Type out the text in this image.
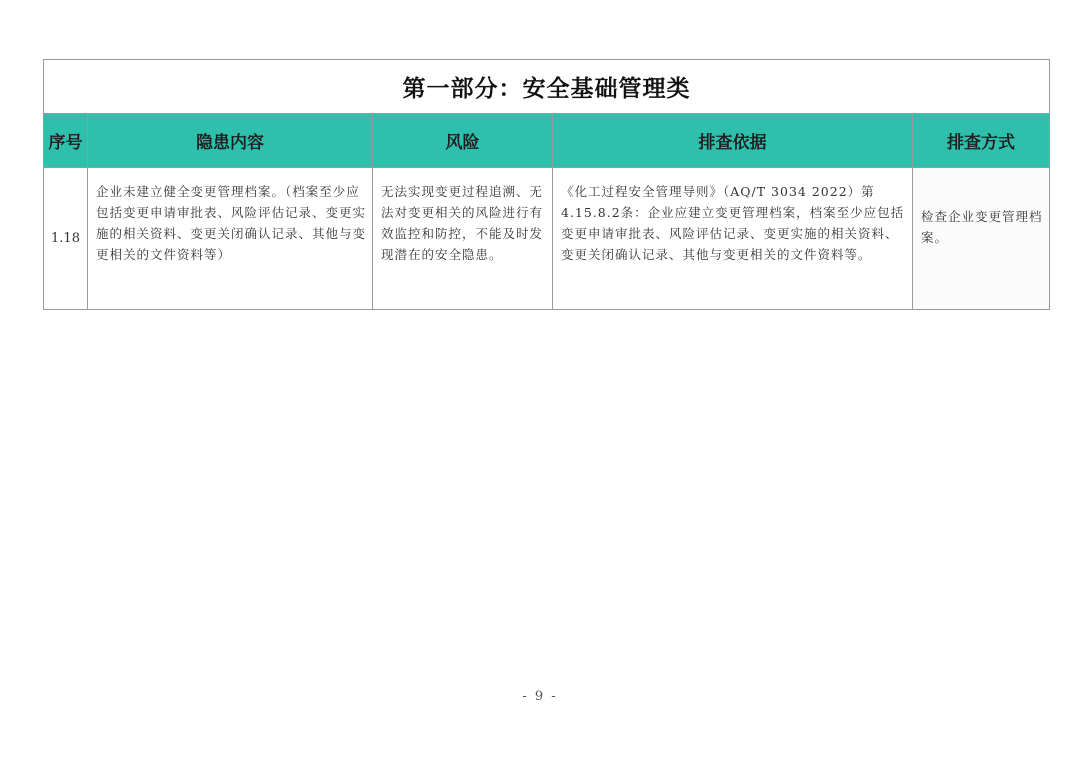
第一部分：安全基础管理类				
序号	隐患内容	风险	排查依据	排查方式
1.18	企业未建立健全变更管理档案。（档案至少应包括变更申请审批表、风险评估记录、变更实施的相关资料、变更关闭确认记录、其他与变更相关的文件资料等）	无法实现变更过程追溯、无法对变更相关的风险进行有效监控和防控，不能及时发现潜在的安全隐患。	《化工过程安全管理导则》（AQ/T 3034 2022）第4.15.8.2条：企业应建立变更管理档案，档案至少应包括变更申请审批表、风险评估记录、变更实施的相关资料、变更关闭确认记录、其他与变更相关的文件资料等。	检查企业变更管理档案。
- 9 -
